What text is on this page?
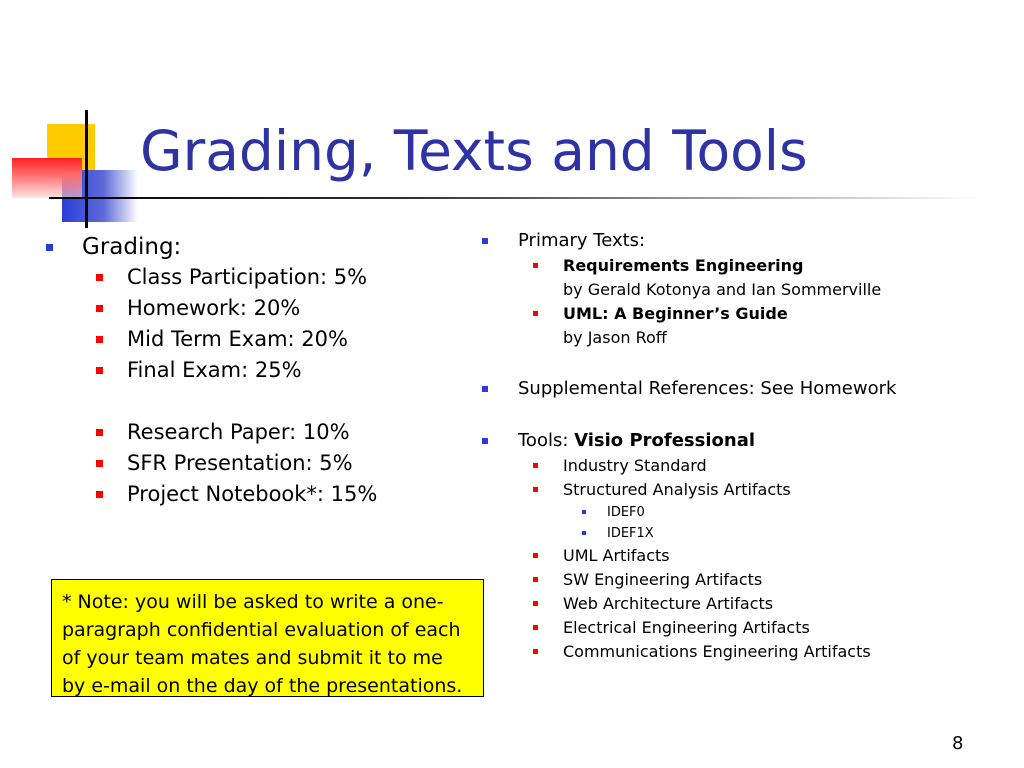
Grading, Texts and Tools
Grading:
Class Participation: 5%
Homework: 20%
Mid Term Exam: 20%
Final Exam: 25%
Research Paper: 10%
SFR Presentation: 5%
Project Notebook*: 15%
Primary Texts:
Requirements Engineering
by Gerald Kotonya and Ian Sommerville
UML: A Beginner’s Guide
by Jason Roff
Supplemental References: See Homework
Tools: Visio Professional
Industry Standard
Structured Analysis Artifacts
IDEF0
IDEF1X
UML Artifacts
SW Engineering Artifacts
Web Architecture Artifacts
Electrical Engineering Artifacts
Communications Engineering Artifacts
* Note: you will be asked to write a one-
paragraph confidential evaluation of each
of your team mates and submit it to me
by e-mail on the day of the presentations.
8
